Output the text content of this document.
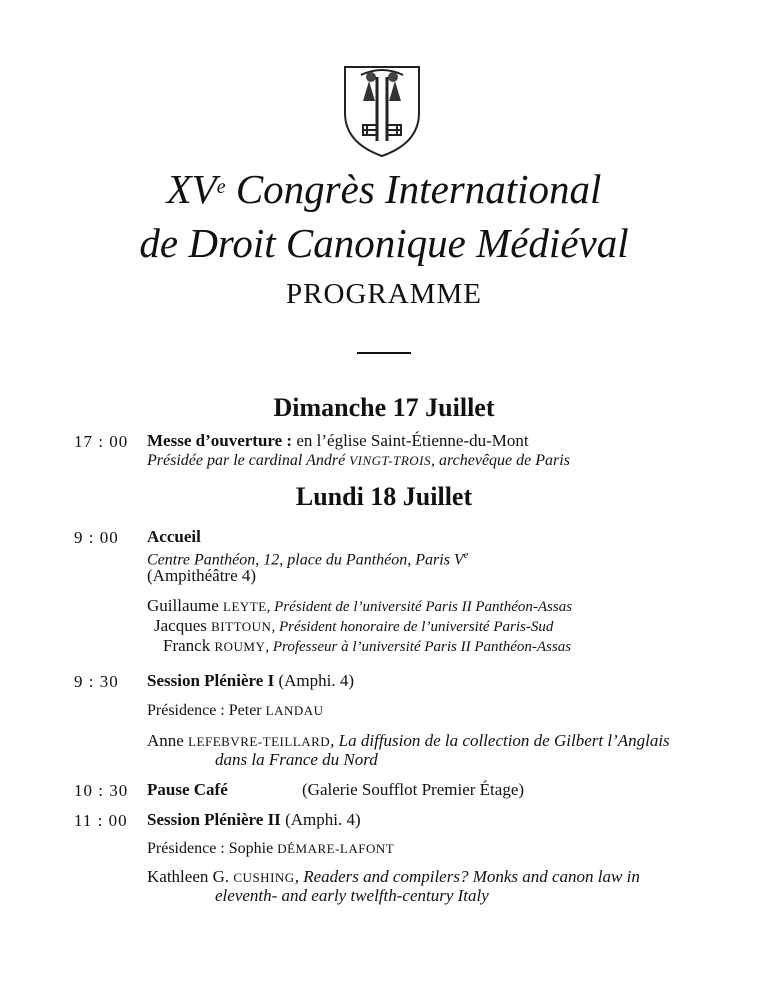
XVe Congrès International
de Droit Canonique Médiéval
PROGRAMME
Dimanche 17 Juillet
17 : 00 Messe d’ouverture : en l’église Saint-Étienne-du-Mont
Présidée par le cardinal André VINGT-TROIS, archevêque de Paris
Lundi 18 Juillet
9 : 00 Accueil
Centre Panthéon, 12, place du Panthéon, Paris Ve
(Ampithéâtre 4)
Guillaume LEYTE, Président de l’université Paris II Panthéon-Assas
Jacques BITTOUN, Président honoraire de l’université Paris-Sud
Franck ROUMY, Professeur à l’université Paris II Panthéon-Assas
9 : 30 Session Plénière I (Amphi. 4)
Présidence : Peter LANDAU
Anne LEFEBVRE-TEILLARD, La diffusion de la collection de Gilbert l’Anglais
dans la France du Nord
10 : 30 Pause Café	(Galerie Soufflot Premier Étage)
11 : 00 Session Plénière II (Amphi. 4)
Présidence : Sophie DÉMARE-LAFONT
Kathleen G. CUSHING, Readers and compilers? Monks and canon law in
eleventh- and early twelfth-century Italy
